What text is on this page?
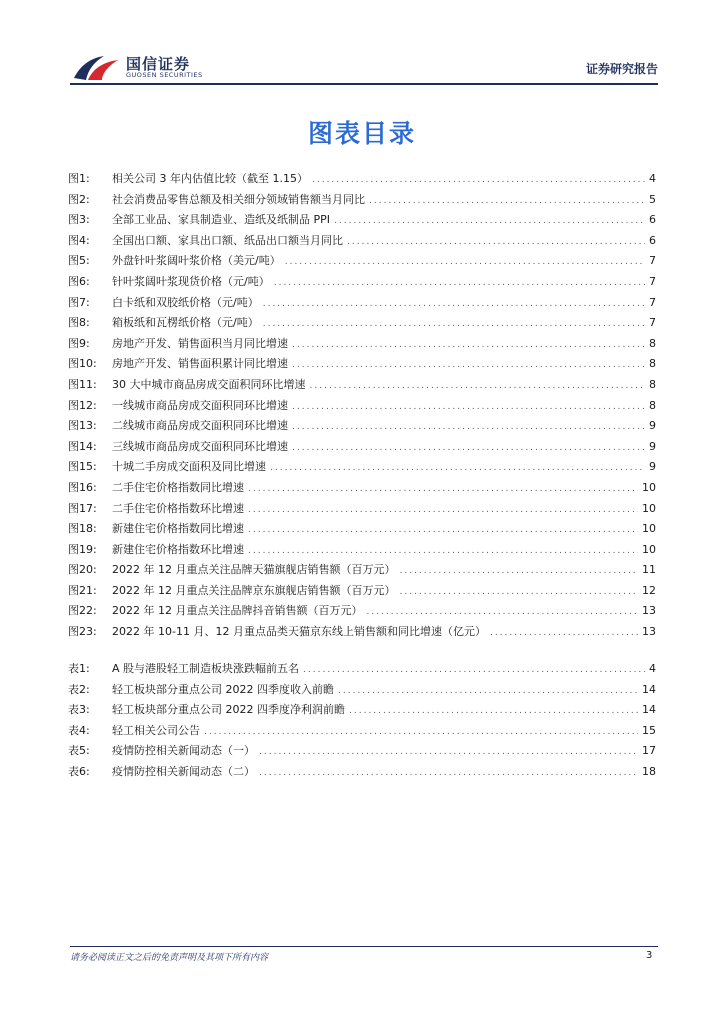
国信证券
GUOSEN SECURITIES	证券研究报告
图表目录
图1:	相关公司 3 年内估值比较（截至 1.15） .....	4
图2:	社会消费品零售总额及相关细分领域销售额当月同比 .....	5
图3:	全部工业品、家具制造业、造纸及纸制品 PPI .....	6
图4:	全国出口额、家具出口额、纸品出口额当月同比 .....	6
图5:	外盘针叶浆阔叶浆价格（美元/吨） .....	7
图6:	针叶浆阔叶浆现货价格（元/吨） .....	7
图7:	白卡纸和双胶纸价格（元/吨） .....	7
图8:	箱板纸和瓦楞纸价格（元/吨） .....	7
图9:	房地产开发、销售面积当月同比增速 .....	8
图10:	房地产开发、销售面积累计同比增速 .....	8
图11:	30 大中城市商品房成交面积同环比增速 .....	8
图12:	一线城市商品房成交面积同环比增速 .....	8
图13:	二线城市商品房成交面积同环比增速 .....	9
图14:	三线城市商品房成交面积同环比增速 .....	9
图15:	十城二手房成交面积及同比增速 .....	9
图16:	二手住宅价格指数同比增速 .....	10
图17:	二手住宅价格指数环比增速 .....	10
图18:	新建住宅价格指数同比增速 .....	10
图19:	新建住宅价格指数环比增速 .....	10
图20:	2022 年 12 月重点关注品牌天猫旗舰店销售额（百万元） .....	11
图21:	2022 年 12 月重点关注品牌京东旗舰店销售额（百万元） .....	12
图22:	2022 年 12 月重点关注品牌抖音销售额（百万元） .....	13
图23:	2022 年 10-11 月、12 月重点品类天猫京东线上销售额和同比增速（亿元） .....	13
表1:	A 股与港股轻工制造板块涨跌幅前五名 .....	4
表2:	轻工板块部分重点公司 2022 四季度收入前瞻 .....	14
表3:	轻工板块部分重点公司 2022 四季度净利润前瞻 .....	14
表4:	轻工相关公司公告 .....	15
表5:	疫情防控相关新闻动态（一） .....	17
表6:	疫情防控相关新闻动态（二） .....	18
请务必阅读正文之后的免责声明及其项下所有内容	3
